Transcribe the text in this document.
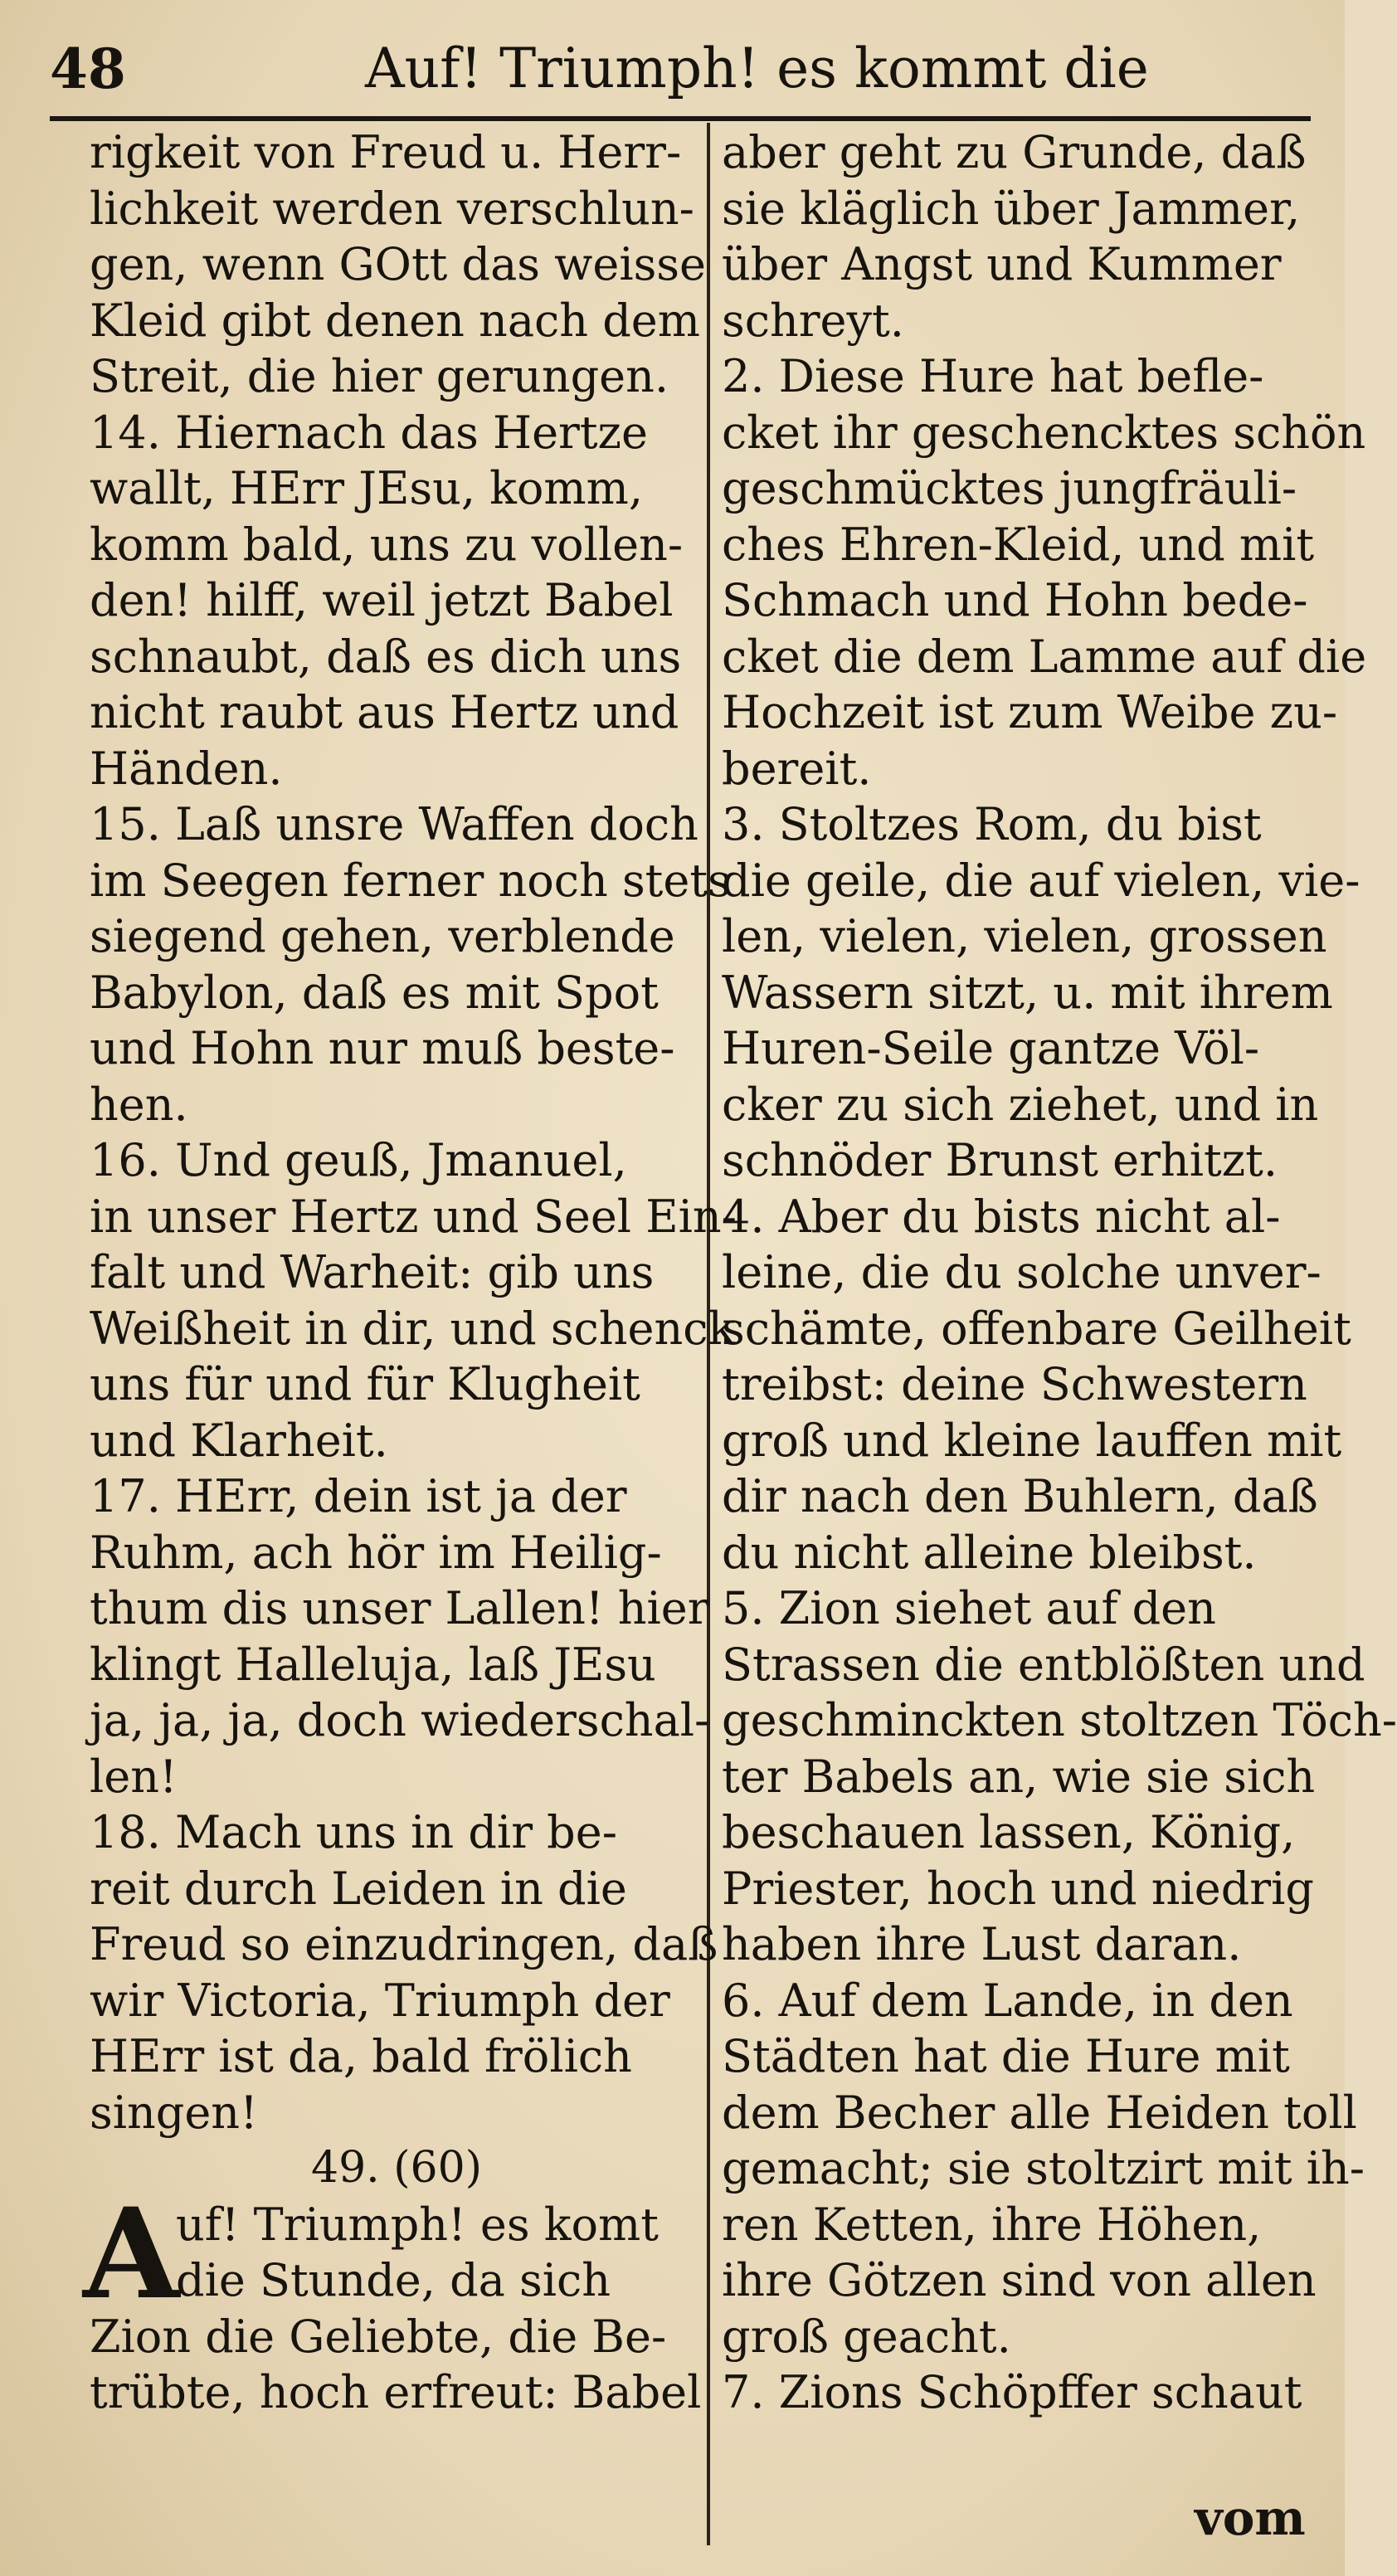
48	Auf! Triumph! es kommt die
rigkeit von Freud u. Herr-
lichkeit werden verschlun-
gen, wenn GOtt das weisse
Kleid gibt denen nach dem
Streit, die hier gerungen.
14. Hiernach das Hertze
wallt, HErr JEsu, komm,
komm bald, uns zu vollen-
den! hilff, weil jetzt Babel
schnaubt, daß es dich uns
nicht raubt aus Hertz und
Händen.
15. Laß unsre Waffen doch
im Seegen ferner noch stets
siegend gehen, verblende
Babylon, daß es mit Spot
und Hohn nur muß beste-
hen.
16. Und geuß, Jmanuel,
in unser Hertz und Seel Ein-
falt und Warheit: gib uns
Weißheit in dir, und schenck
uns für und für Klugheit
und Klarheit.
17. HErr, dein ist ja der
Ruhm, ach hör im Heilig-
thum dis unser Lallen! hier
klingt Halleluja, laß JEsu
ja, ja, ja, doch wiederschal-
len!
18. Mach uns in dir be-
reit durch Leiden in die
Freud so einzudringen, daß
wir Victoria, Triumph der
HErr ist da, bald frölich
singen!
49. (60)
A
uf! Triumph! es komt
die Stunde, da sich
Zion die Geliebte, die Be-
trübte, hoch erfreut: Babel
aber geht zu Grunde, daß
sie kläglich über Jammer,
über Angst und Kummer
schreyt.
2. Diese Hure hat befle-
cket ihr geschencktes schön
geschmücktes jungfräuli-
ches Ehren-Kleid, und mit
Schmach und Hohn bede-
cket die dem Lamme auf die
Hochzeit ist zum Weibe zu-
bereit.
3. Stoltzes Rom, du bist
die geile, die auf vielen, vie-
len, vielen, vielen, grossen
Wassern sitzt, u. mit ihrem
Huren-Seile gantze Völ-
cker zu sich ziehet, und in
schnöder Brunst erhitzt.
4. Aber du bists nicht al-
leine, die du solche unver-
schämte, offenbare Geilheit
treibst: deine Schwestern
groß und kleine lauffen mit
dir nach den Buhlern, daß
du nicht alleine bleibst.
5. Zion siehet auf den
Strassen die entblößten und
geschminckten stoltzen Töch-
ter Babels an, wie sie sich
beschauen lassen, König,
Priester, hoch und niedrig
haben ihre Lust daran.
6. Auf dem Lande, in den
Städten hat die Hure mit
dem Becher alle Heiden toll
gemacht; sie stoltzirt mit ih-
ren Ketten, ihre Höhen,
ihre Götzen sind von allen
groß geacht.
7. Zions Schöpffer schaut
vom
